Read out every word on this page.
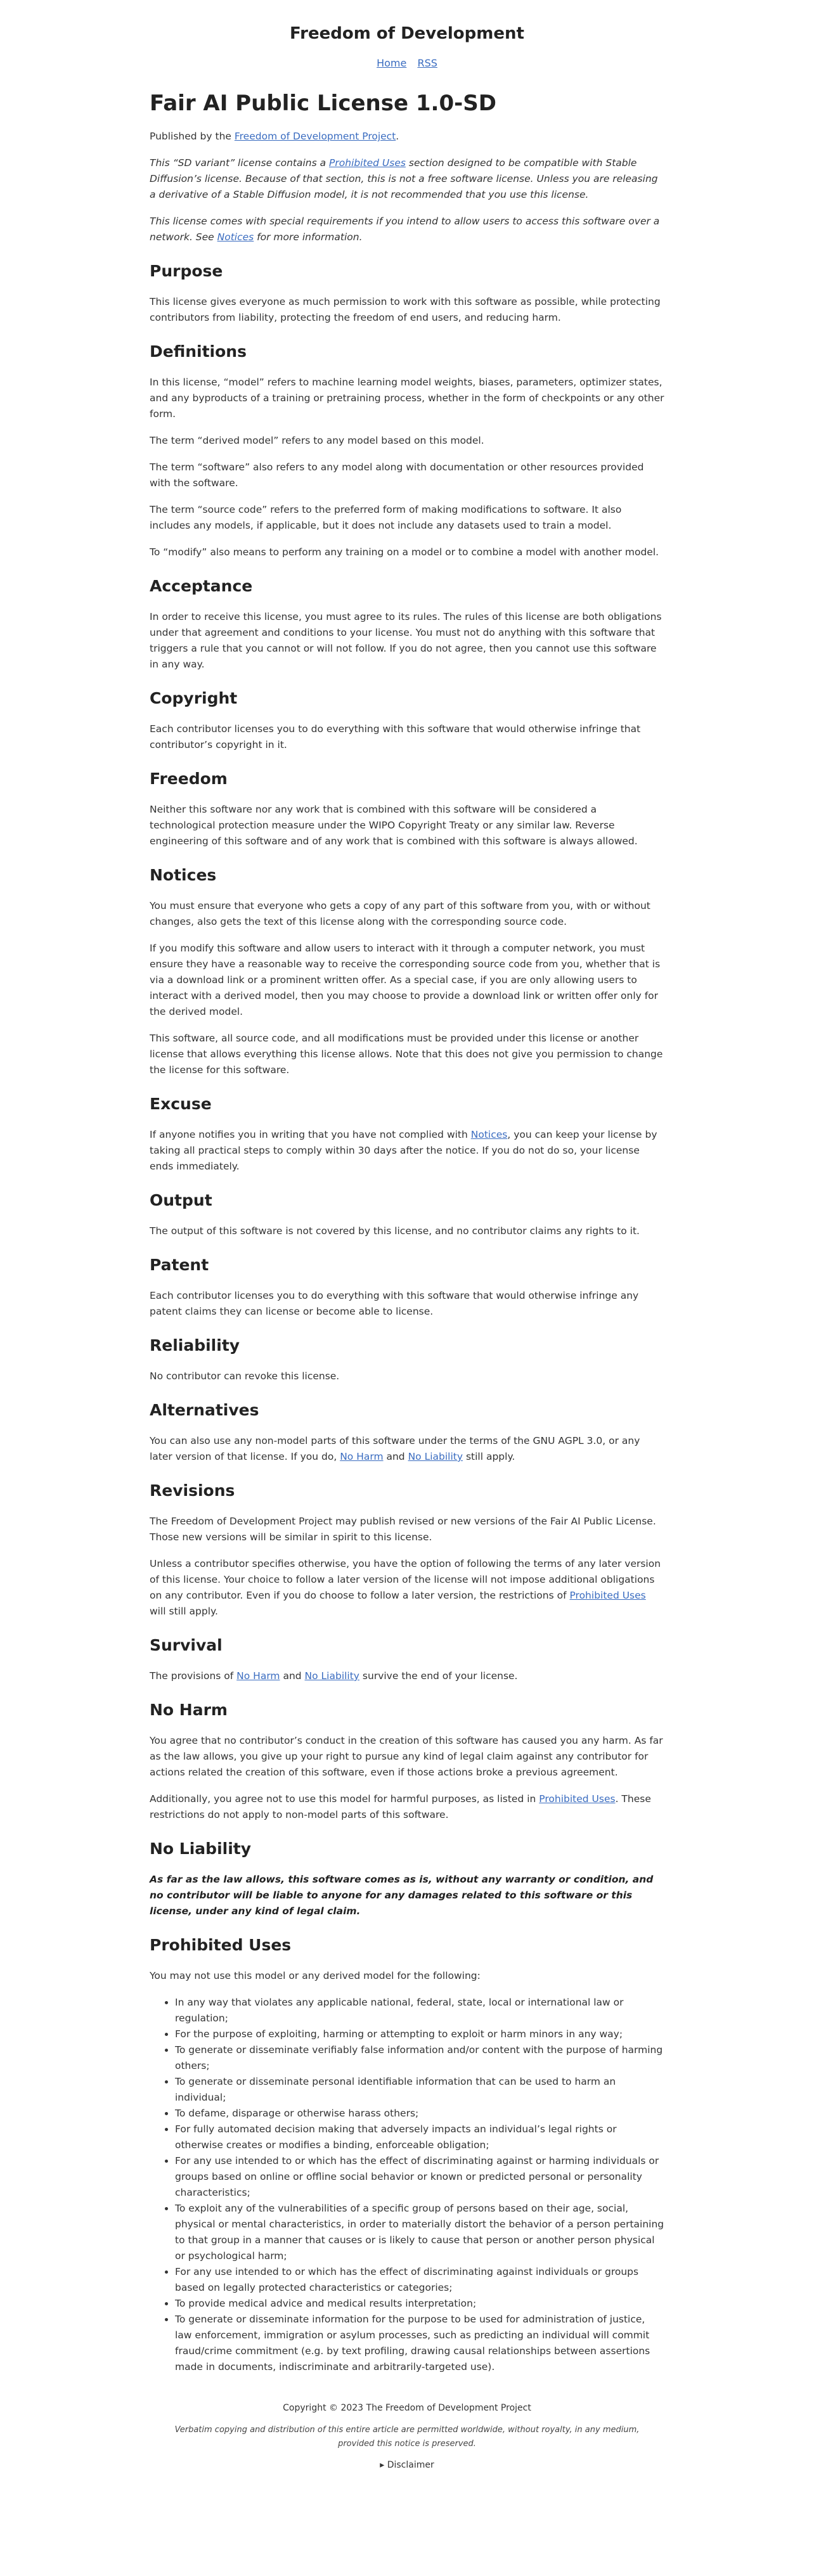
Freedom of Development
Home RSS
Fair AI Public License 1.0-SD

Published by the Freedom of Development Project.

This “SD variant” license contains a Prohibited Uses section designed to be compatible with Stable Diffusion’s license. Because of that section, this is not a free software license. Unless you are releasing a derivative of a Stable Diffusion model, it is not recommended that you use this license.

This license comes with special requirements if you intend to allow users to access this software over a network. See Notices for more information.

Purpose

This license gives everyone as much permission to work with this software as possible, while protecting contributors from liability, protecting the freedom of end users, and reducing harm.

Definitions

In this license, “model” refers to machine learning model weights, biases, parameters, optimizer states, and any byproducts of a training or pretraining process, whether in the form of checkpoints or any other form.

The term “derived model” refers to any model based on this model.

The term “software” also refers to any model along with documentation or other resources provided with the software.

The term “source code” refers to the preferred form of making modifications to software. It also includes any models, if applicable, but it does not include any datasets used to train a model.

To “modify” also means to perform any training on a model or to combine a model with another model.

Acceptance

In order to receive this license, you must agree to its rules. The rules of this license are both obligations under that agreement and conditions to your license. You must not do anything with this software that triggers a rule that you cannot or will not follow. If you do not agree, then you cannot use this software in any way.

Copyright

Each contributor licenses you to do everything with this software that would otherwise infringe that contributor’s copyright in it.

Freedom

Neither this software nor any work that is combined with this software will be considered a technological protection measure under the WIPO Copyright Treaty or any similar law. Reverse engineering of this software and of any work that is combined with this software is always allowed.

Notices

You must ensure that everyone who gets a copy of any part of this software from you, with or without changes, also gets the text of this license along with the corresponding source code.

If you modify this software and allow users to interact with it through a computer network, you must ensure they have a reasonable way to receive the corresponding source code from you, whether that is via a download link or a prominent written offer. As a special case, if you are only allowing users to interact with a derived model, then you may choose to provide a download link or written offer only for the derived model.

This software, all source code, and all modifications must be provided under this license or another license that allows everything this license allows. Note that this does not give you permission to change the license for this software.

Excuse

If anyone notifies you in writing that you have not complied with Notices, you can keep your license by taking all practical steps to comply within 30 days after the notice. If you do not do so, your license ends immediately.

Output

The output of this software is not covered by this license, and no contributor claims any rights to it.

Patent

Each contributor licenses you to do everything with this software that would otherwise infringe any patent claims they can license or become able to license.

Reliability

No contributor can revoke this license.

Alternatives

You can also use any non-model parts of this software under the terms of the GNU AGPL 3.0, or any later version of that license. If you do, No Harm and No Liability still apply.

Revisions

The Freedom of Development Project may publish revised or new versions of the Fair AI Public License. Those new versions will be similar in spirit to this license.

Unless a contributor specifies otherwise, you have the option of following the terms of any later version of this license. Your choice to follow a later version of the license will not impose additional obligations on any contributor. Even if you do choose to follow a later version, the restrictions of Prohibited Uses will still apply.

Survival

The provisions of No Harm and No Liability survive the end of your license.

No Harm

You agree that no contributor’s conduct in the creation of this software has caused you any harm. As far as the law allows, you give up your right to pursue any kind of legal claim against any contributor for actions related the creation of this software, even if those actions broke a previous agreement.

Additionally, you agree not to use this model for harmful purposes, as listed in Prohibited Uses. These restrictions do not apply to non-model parts of this software.

No Liability

As far as the law allows, this software comes as is, without any warranty or condition, and no contributor will be liable to anyone for any damages related to this software or this license, under any kind of legal claim.

Prohibited Uses

You may not use this model or any derived model for the following:

• In any way that violates any applicable national, federal, state, local or international law or regulation;
• For the purpose of exploiting, harming or attempting to exploit or harm minors in any way;
• To generate or disseminate verifiably false information and/or content with the purpose of harming others;
• To generate or disseminate personal identifiable information that can be used to harm an individual;
• To defame, disparage or otherwise harass others;
• For fully automated decision making that adversely impacts an individual’s legal rights or otherwise creates or modifies a binding, enforceable obligation;
• For any use intended to or which has the effect of discriminating against or harming individuals or groups based on online or offline social behavior or known or predicted personal or personality characteristics;
• To exploit any of the vulnerabilities of a specific group of persons based on their age, social, physical or mental characteristics, in order to materially distort the behavior of a person pertaining to that group in a manner that causes or is likely to cause that person or another person physical or psychological harm;
• For any use intended to or which has the effect of discriminating against individuals or groups based on legally protected characteristics or categories;
• To provide medical advice and medical results interpretation;
• To generate or disseminate information for the purpose to be used for administration of justice, law enforcement, immigration or asylum processes, such as predicting an individual will commit fraud/crime commitment (e.g. by text profiling, drawing causal relationships between assertions made in documents, indiscriminate and arbitrarily-targeted use).
Copyright © 2023 The Freedom of Development Project
Verbatim copying and distribution of this entire article are permitted worldwide, without royalty, in any medium, provided this notice is preserved.
▸ Disclaimer
